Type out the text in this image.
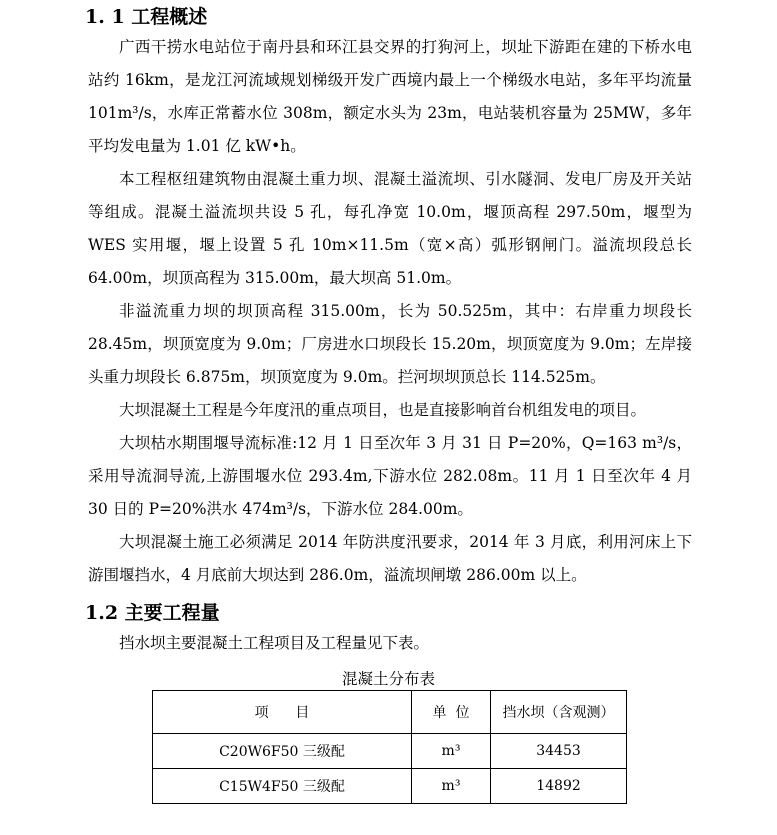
1. 1 工程概述

广西干捞水电站位于南丹县和环江县交界的打狗河上，坝址下游距在建的下桥水电站约 16km，是龙江河流域规划梯级开发广西境内最上一个梯级水电站，多年平均流量 101m³/s，水库正常蓄水位 308m，额定水头为 23m，电站装机容量为 25MW，多年平均发电量为 1.01 亿 kW•h。

本工程枢纽建筑物由混凝土重力坝、混凝土溢流坝、引水隧洞、发电厂房及开关站等组成。混凝土溢流坝共设 5 孔，每孔净宽 10.0m，堰顶高程 297.50m，堰型为 WES 实用堰，堰上设置 5 孔 10m×11.5m（宽×高）弧形钢闸门。溢流坝段总长 64.00m，坝顶高程为 315.00m，最大坝高 51.0m。

非溢流重力坝的坝顶高程 315.00m，长为 50.525m，其中：右岸重力坝段长 28.45m，坝顶宽度为 9.0m；厂房进水口坝段长 15.20m，坝顶宽度为 9.0m；左岸接头重力坝段长 6.875m，坝顶宽度为 9.0m。拦河坝坝顶总长 114.525m。

大坝混凝土工程是今年度汛的重点项目，也是直接影响首台机组发电的项目。

大坝枯水期围堰导流标准:12 月 1 日至次年 3 月 31 日 P=20%，Q=163 m³/s，采用导流洞导流,上游围堰水位 293.4m,下游水位 282.08m。11 月 1 日至次年 4 月 30 日的 P=20%洪水 474m³/s，下游水位 284.00m。

大坝混凝土施工必须满足 2014 年防洪度汛要求，2014 年 3 月底，利用河床上下游围堰挡水，4 月底前大坝达到 286.0m，溢流坝闸墩 286.00m 以上。

1.2 主要工程量

挡水坝主要混凝土工程项目及工程量见下表。

混凝土分布表
项      目	单  位	挡水坝（含观测）
C20W6F50 三级配	m³	34453
C15W4F50 三级配	m³	14892
